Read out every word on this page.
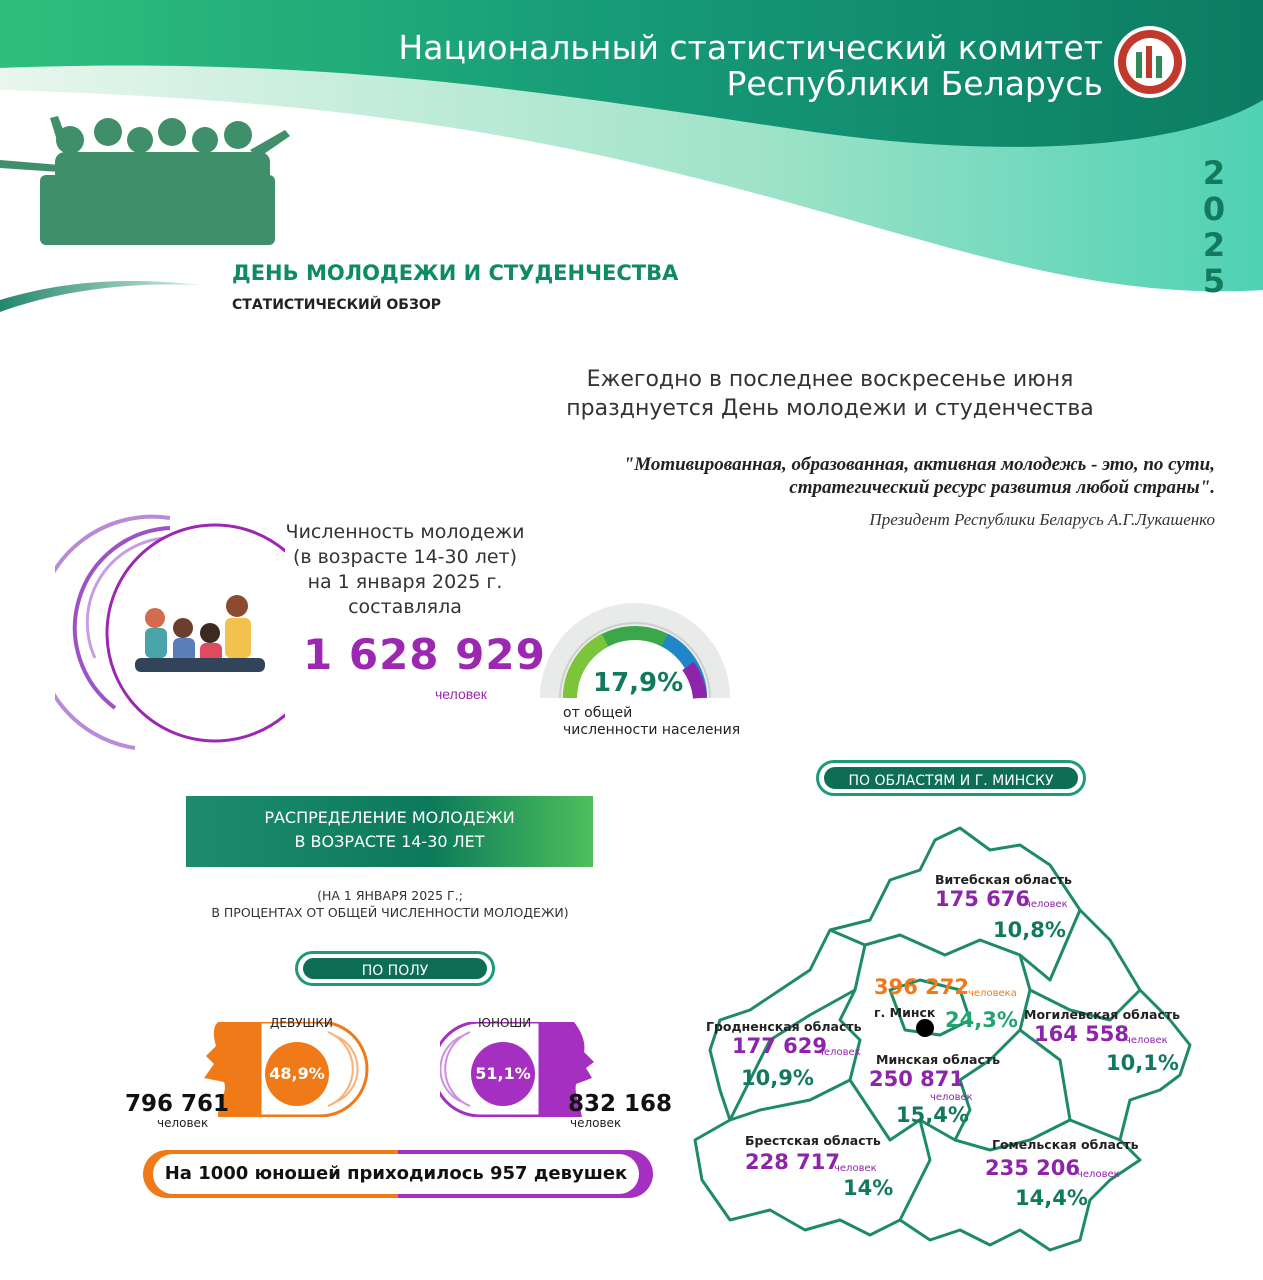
Национальный статистический комитет
Республики Беларусь
2
0
2
5
ДЕНЬ МОЛОДЕЖИ И СТУДЕНЧЕСТВА
СТАТИСТИЧЕСКИЙ ОБЗОР
Ежегодно в последнее воскресенье июня
празднуется День молодежи и студенчества
"Мотивированная, образованная, активная молодежь - это, по сути,
стратегический ресурс развития любой страны".
Президент Республики Беларусь А.Г.Лукашенко
Численность молодежи
(в возрасте 14-30 лет)
на 1 января 2025 г.
составляла
1 628 929
человек	17,9%
от общей
численности населения
РАСПРЕДЕЛЕНИЕ МОЛОДЕЖИ
В ВОЗРАСТЕ 14-30 ЛЕТ
(НА 1 ЯНВАРЯ 2025 Г.;
В ПРОЦЕНТАХ ОТ ОБЩЕЙ ЧИСЛЕННОСТИ МОЛОДЕЖИ)
ПО ПОЛУ
ДЕВУШКИ
48,9%
796 761
человек
ЮНОШИ
51,1%
832 168
человек
На 1000 юношей приходилось 957 девушек
ПО ОБЛАСТЯМ И Г. МИНСКУ
Витебская область
175 676
человек
10,8%
396 272 человека
г. Минск 24,3% Могилевская область
164 558
человек
10,1%
Гродненская область
177 629
человек
10,9%
Минская область
250 871
человек
15,4%
Брестская область
228 717
человек
14%
Гомельская область
235 206
человек
14,4%
